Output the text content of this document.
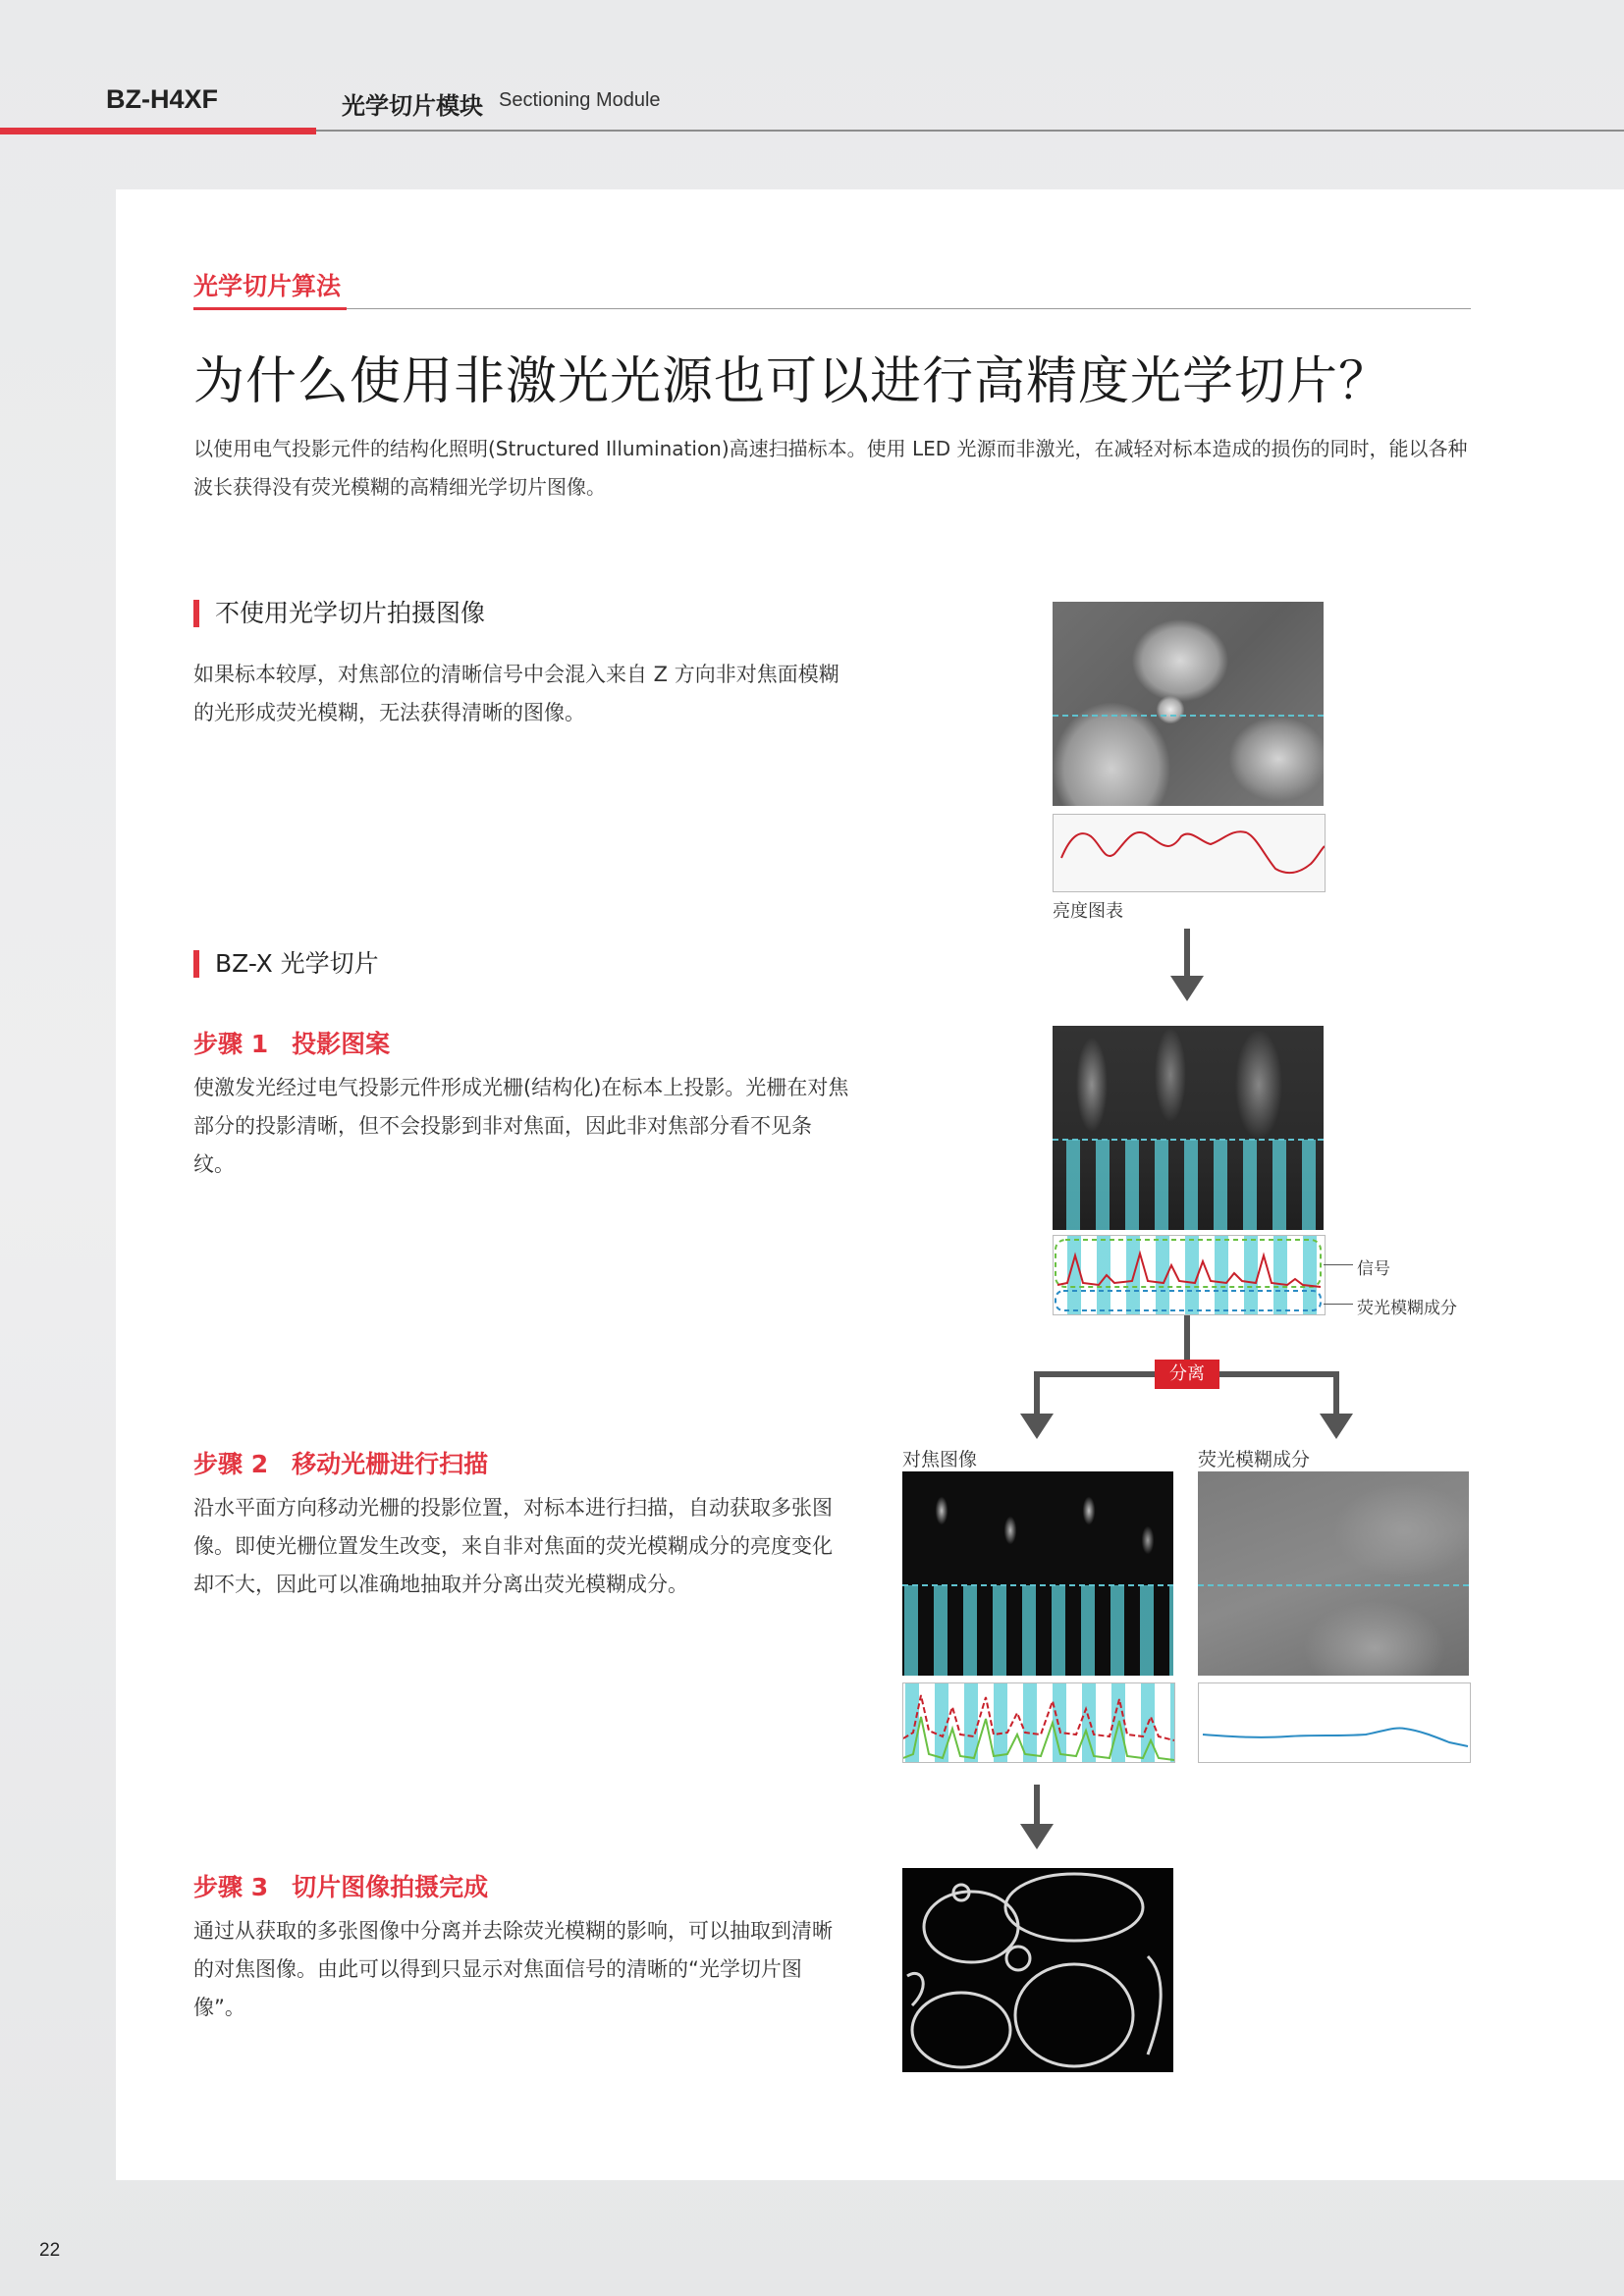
BZ-H4XF	光学切片模块 Sectioning Module
光学切片算法
为什么使用非激光光源也可以进行高精度光学切片？
以使用电气投影元件的结构化照明(Structured Illumination)高速扫描标本。使用 LED 光源而非激光，在减轻对标本造成的损伤的同时，能以各种波长获得没有荧光模糊的高精细光学切片图像。
不使用光学切片拍摄图像
如果标本较厚，对焦部位的清晰信号中会混入来自 Z 方向非对焦面模糊的光形成荧光模糊，无法获得清晰的图像。
亮度图表
BZ-X 光学切片
步骤 1 投影图案
使激发光经过电气投影元件形成光栅(结构化)在标本上投影。光栅在对焦部分的投影清晰，但不会投影到非对焦面，因此非对焦部分看不见条纹。
信号
荧光模糊成分
分离
对焦图像	荧光模糊成分
步骤 2 移动光栅进行扫描
沿水平面方向移动光栅的投影位置，对标本进行扫描，自动获取多张图像。即使光栅位置发生改变，来自非对焦面的荧光模糊成分的亮度变化却不大，因此可以准确地抽取并分离出荧光模糊成分。
步骤 3 切片图像拍摄完成
通过从获取的多张图像中分离并去除荧光模糊的影响，可以抽取到清晰的对焦图像。由此可以得到只显示对焦面信号的清晰的“光学切片图像”。
22
